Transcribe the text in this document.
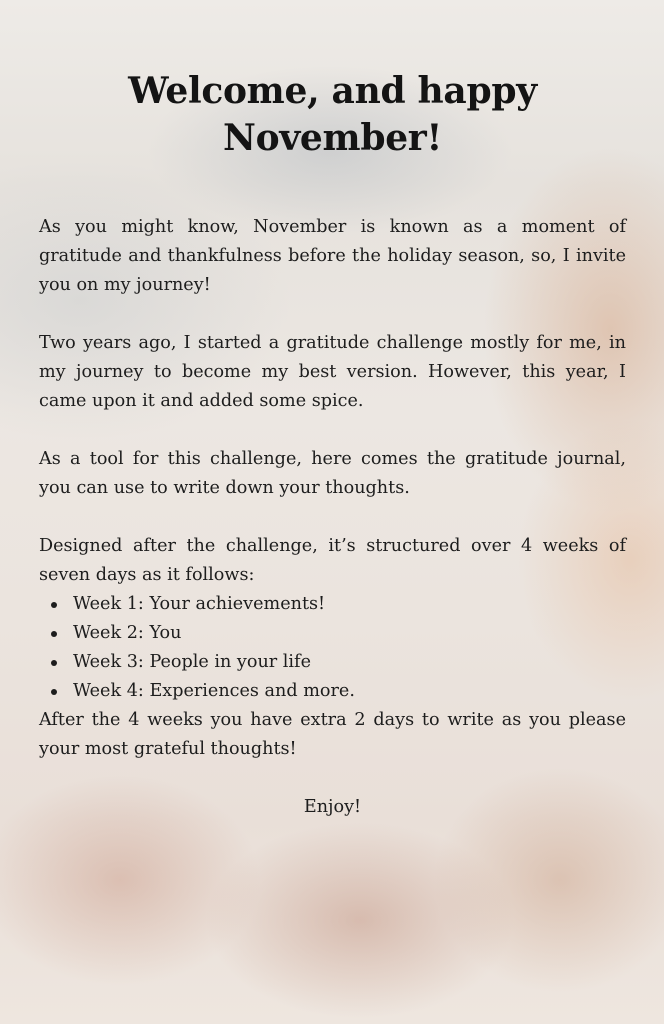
Welcome, and happy November!

As you might know, November is known as a moment of gratitude and thankfulness before the holiday season, so, I invite you on my journey!

Two years ago, I started a gratitude challenge mostly for me, in my journey to become my best version. However, this year, I came upon it and added some spice.

As a tool for this challenge, here comes the gratitude journal, you can use to write down your thoughts.

Designed after the challenge, it’s structured over 4 weeks of seven days as it follows:

Week 1: Your achievements!
Week 2: You
Week 3: People in your life
Week 4: Experiences and more.

After the 4 weeks you have extra 2 days to write as you please your most grateful thoughts!

Enjoy!
